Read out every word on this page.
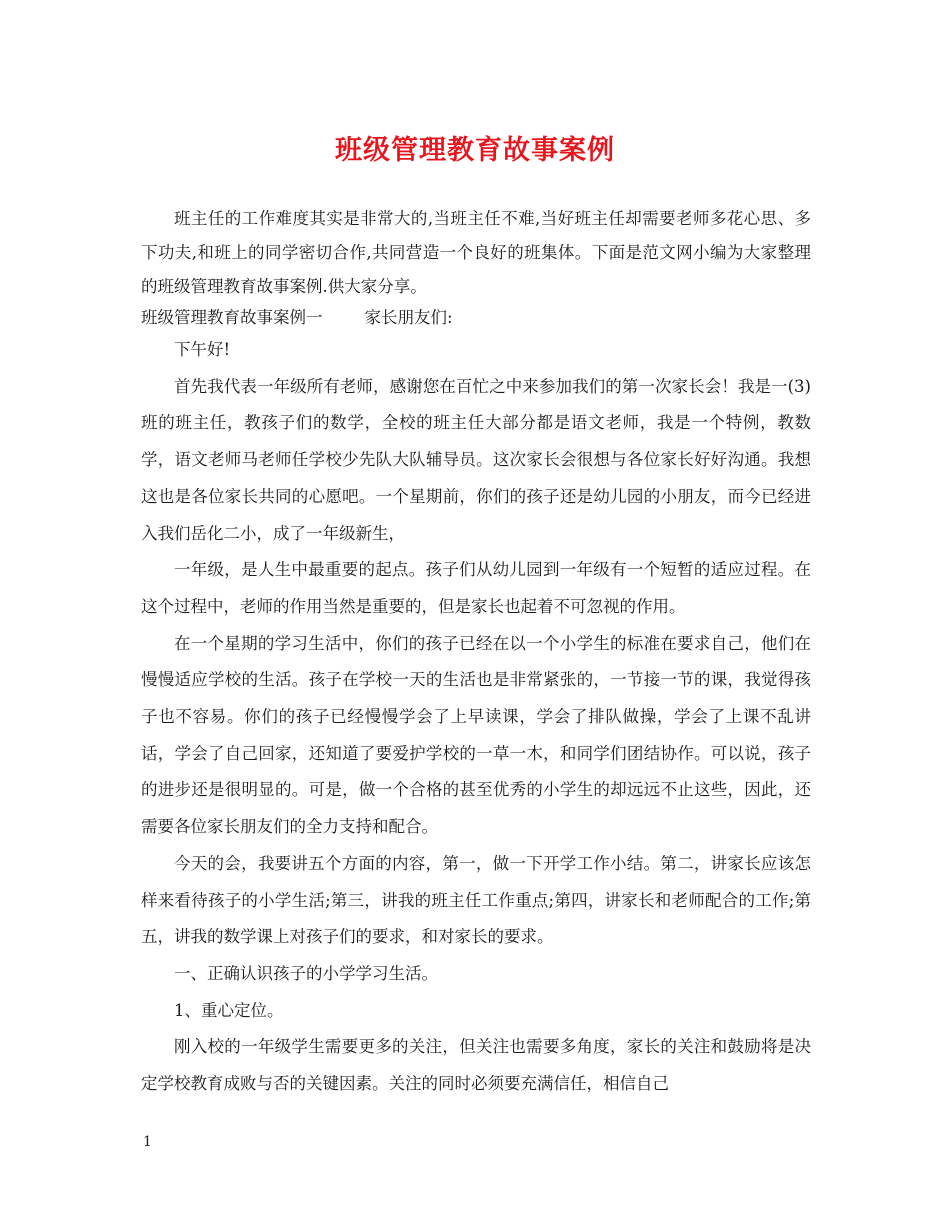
班级管理教育故事案例

班主任的工作难度其实是非常大的,当班主任不难,当好班主任却需要老师多花心思、多下功夫,和班上的同学密切合作,共同营造一个良好的班集体。下面是范文网小编为大家整理的班级管理教育故事案例.供大家分享。

班级管理教育故事案例一	家长朋友们:

下午好!

首先我代表一年级所有老师，感谢您在百忙之中来参加我们的第一次家长会！我是一(3)班的班主任，教孩子们的数学，全校的班主任大部分都是语文老师，我是一个特例，教数学，语文老师马老师任学校少先队大队辅导员。这次家长会很想与各位家长好好沟通。我想这也是各位家长共同的心愿吧。一个星期前，你们的孩子还是幼儿园的小朋友，而今已经进入我们岳化二小，成了一年级新生，

一年级，是人生中最重要的起点。孩子们从幼儿园到一年级有一个短暂的适应过程。在这个过程中，老师的作用当然是重要的，但是家长也起着不可忽视的作用。

在一个星期的学习生活中，你们的孩子已经在以一个小学生的标准在要求自己，他们在慢慢适应学校的生活。孩子在学校一天的生活也是非常紧张的，一节接一节的课，我觉得孩子也不容易。你们的孩子已经慢慢学会了上早读课，学会了排队做操，学会了上课不乱讲话，学会了自己回家，还知道了要爱护学校的一草一木，和同学们团结协作。可以说，孩子的进步还是很明显的。可是，做一个合格的甚至优秀的小学生的却远远不止这些，因此，还需要各位家长朋友们的全力支持和配合。

今天的会，我要讲五个方面的内容，第一，做一下开学工作小结。第二，讲家长应该怎样来看待孩子的小学生活;第三，讲我的班主任工作重点;第四，讲家长和老师配合的工作;第五，讲我的数学课上对孩子们的要求，和对家长的要求。

一、正确认识孩子的小学学习生活。

1、重心定位。

刚入校的一年级学生需要更多的关注，但关注也需要多角度，家长的关注和鼓励将是决定学校教育成败与否的关键因素。关注的同时必须要充满信任，相信自己

1
